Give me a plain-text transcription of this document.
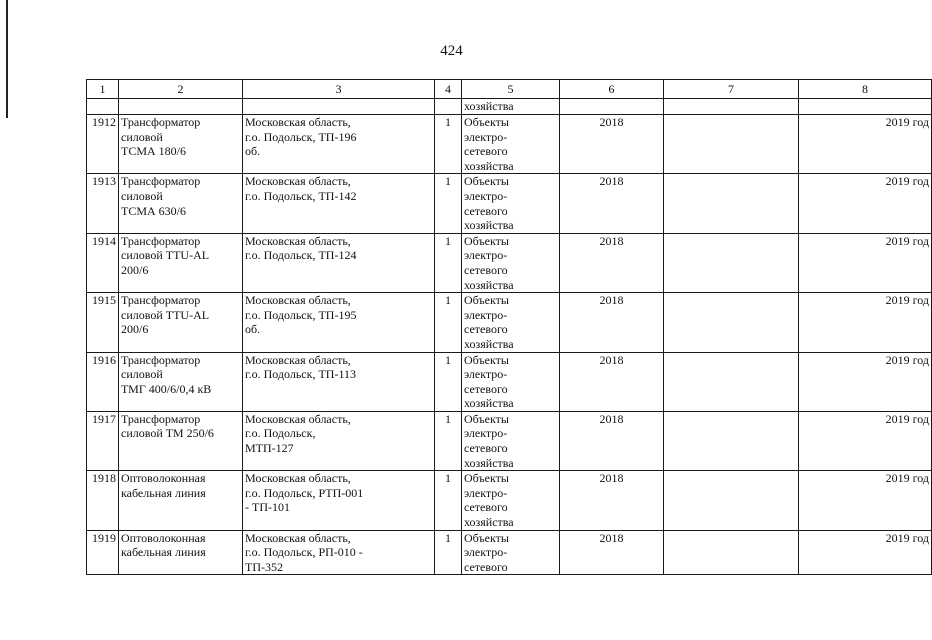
424
1	2	3	4	5	6	7	8
				хозяйства			

1912	Трансформатор
силовой
ТСМА 180/6	Московская область,
г.о. Подольск, ТП-196
об.	1	Объекты
электро-
сетевого
хозяйства	2018		2019 год

1913	Трансформатор
силовой
ТСМА 630/6	Московская область,
г.о. Подольск, ТП-142	1	Объекты
электро-
сетевого
хозяйства	2018		2019 год

1914	Трансформатор
силовой TTU-AL
200/6	Московская область,
г.о. Подольск, ТП-124	1	Объекты
электро-
сетевого
хозяйства	2018		2019 год

1915	Трансформатор
силовой TTU-AL
200/6	Московская область,
г.о. Подольск, ТП-195
об.	1	Объекты
электро-
сетевого
хозяйства	2018		2019 год

1916	Трансформатор
силовой
ТМГ 400/6/0,4 кВ	Московская область,
г.о. Подольск, ТП-113	1	Объекты
электро-
сетевого
хозяйства	2018		2019 год

1917	Трансформатор
силовой ТМ 250/6	Московская область,
г.о. Подольск,
МТП-127	1	Объекты
электро-
сетевого
хозяйства	2018		2019 год

1918	Оптоволоконная
кабельная линия	Московская область,
г.о. Подольск, РТП-001
- ТП-101	1	Объекты
электро-
сетевого
хозяйства	2018		2019 год

1919	Оптоволоконная
кабельная линия	Московская область,
г.о. Подольск, РП-010 -
ТП-352	1	Объекты
электро-
сетевого	2018		2019 год
